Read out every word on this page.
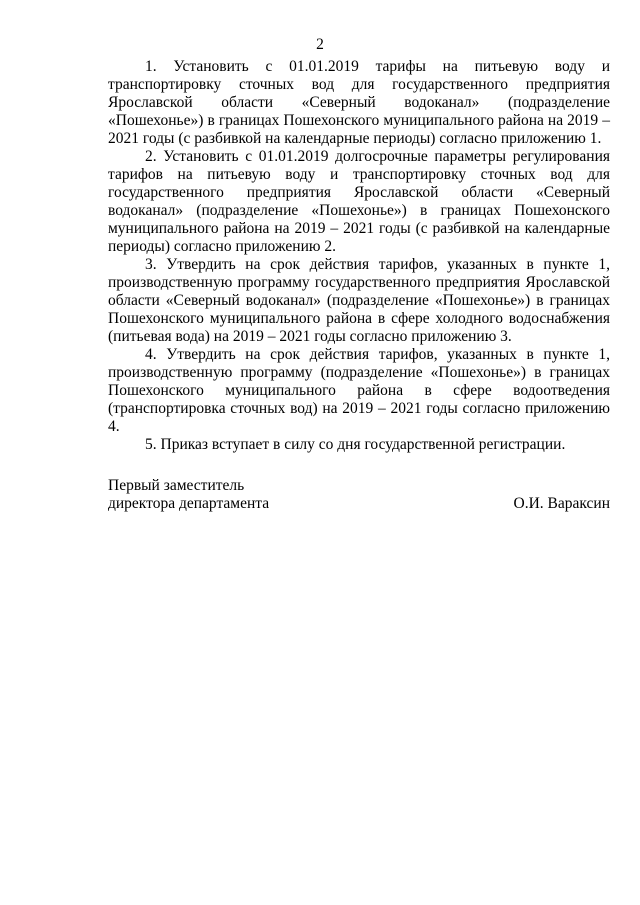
2

1. Установить с 01.01.2019 тарифы на питьевую воду и транспортировку сточных вод для государственного предприятия Ярославской области «Северный водоканал» (подразделение «Пошехонье») в границах Пошехонского муниципального района на 2019 – 2021 годы (с разбивкой на календарные периоды) согласно приложению 1.

2. Установить с 01.01.2019 долгосрочные параметры регулирования тарифов на питьевую воду и транспортировку сточных вод для государственного предприятия Ярославской области «Северный водоканал» (подразделение «Пошехонье») в границах Пошехонского муниципального района на 2019 – 2021 годы (с разбивкой на календарные периоды) согласно приложению 2.

3. Утвердить на срок действия тарифов, указанных в пункте 1, производственную программу государственного предприятия Ярославской области «Северный водоканал» (подразделение «Пошехонье») в границах Пошехонского муниципального района в сфере холодного водоснабжения (питьевая вода) на 2019 – 2021 годы согласно приложению 3.

4. Утвердить на срок действия тарифов, указанных в пункте 1, производственную программу (подразделение «Пошехонье») в границах Пошехонского муниципального района в сфере водоотведения (транспортировка сточных вод) на 2019 – 2021 годы согласно приложению 4.

5. Приказ вступает в силу со дня государственной регистрации.

Первый заместитель
директора департамента	О.И. Вараксин
